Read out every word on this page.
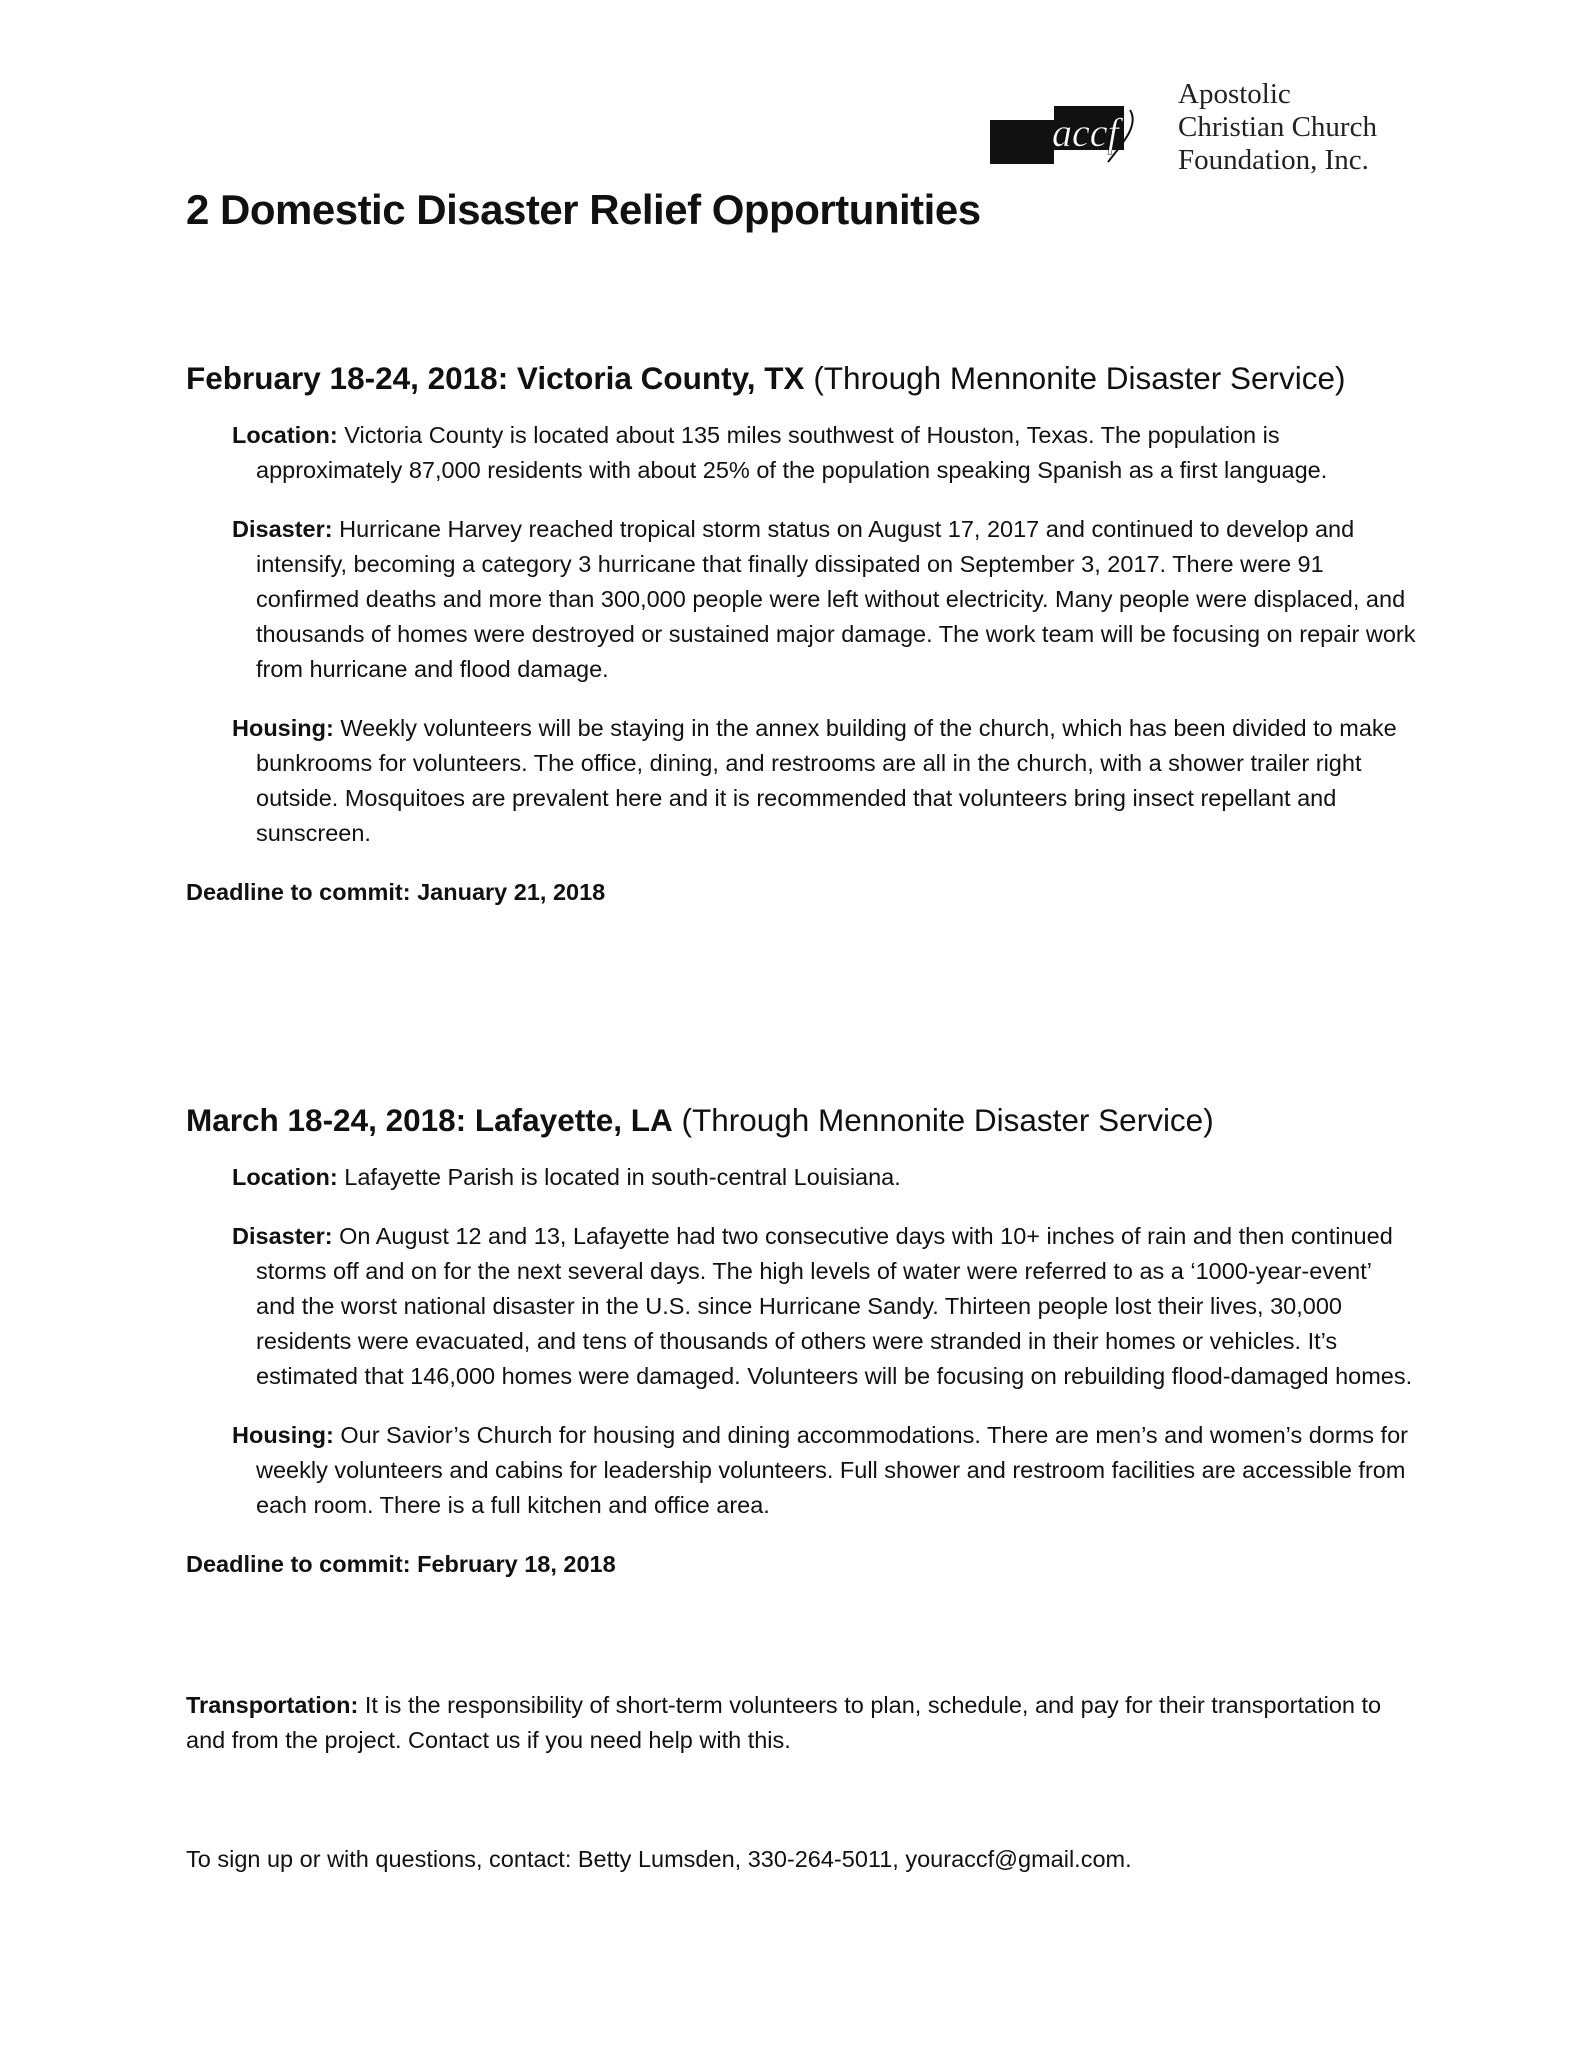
accf
Apostolic
Christian Church
Foundation, Inc.
2 Domestic Disaster Relief Opportunities

February 18-24, 2018: Victoria County, TX (Through Mennonite Disaster Service)

Location: Victoria County is located about 135 miles southwest of Houston, Texas. The population is approximately 87,000 residents with about 25% of the population speaking Spanish as a first language.
Disaster: Hurricane Harvey reached tropical storm status on August 17, 2017 and continued to develop and intensify, becoming a category 3 hurricane that finally dissipated on September 3, 2017. There were 91 confirmed deaths and more than 300,000 people were left without electricity. Many people were displaced, and thousands of homes were destroyed or sustained major damage. The work team will be focusing on repair work from hurricane and flood damage.
Housing: Weekly volunteers will be staying in the annex building of the church, which has been divided to make bunkrooms for volunteers. The office, dining, and restrooms are all in the church, with a shower trailer right outside. Mosquitoes are prevalent here and it is recommended that volunteers bring insect repellant and sunscreen.
Deadline to commit: January 21, 2018

March 18-24, 2018: Lafayette, LA (Through Mennonite Disaster Service)

Location: Lafayette Parish is located in south-central Louisiana.
Disaster: On August 12 and 13, Lafayette had two consecutive days with 10+ inches of rain and then continued storms off and on for the next several days. The high levels of water were referred to as a ‘1000-year-event’ and the worst national disaster in the U.S. since Hurricane Sandy. Thirteen people lost their lives, 30,000 residents were evacuated, and tens of thousands of others were stranded in their homes or vehicles. It’s estimated that 146,000 homes were damaged. Volunteers will be focusing on rebuilding flood-damaged homes.
Housing: Our Savior’s Church for housing and dining accommodations. There are men’s and women’s dorms for weekly volunteers and cabins for leadership volunteers. Full shower and restroom facilities are accessible from each room. There is a full kitchen and office area.
Deadline to commit: February 18, 2018
Transportation: It is the responsibility of short-term volunteers to plan, schedule, and pay for their transportation to and from the project. Contact us if you need help with this.
To sign up or with questions, contact: Betty Lumsden, 330-264-5011, youraccf@gmail.com.
